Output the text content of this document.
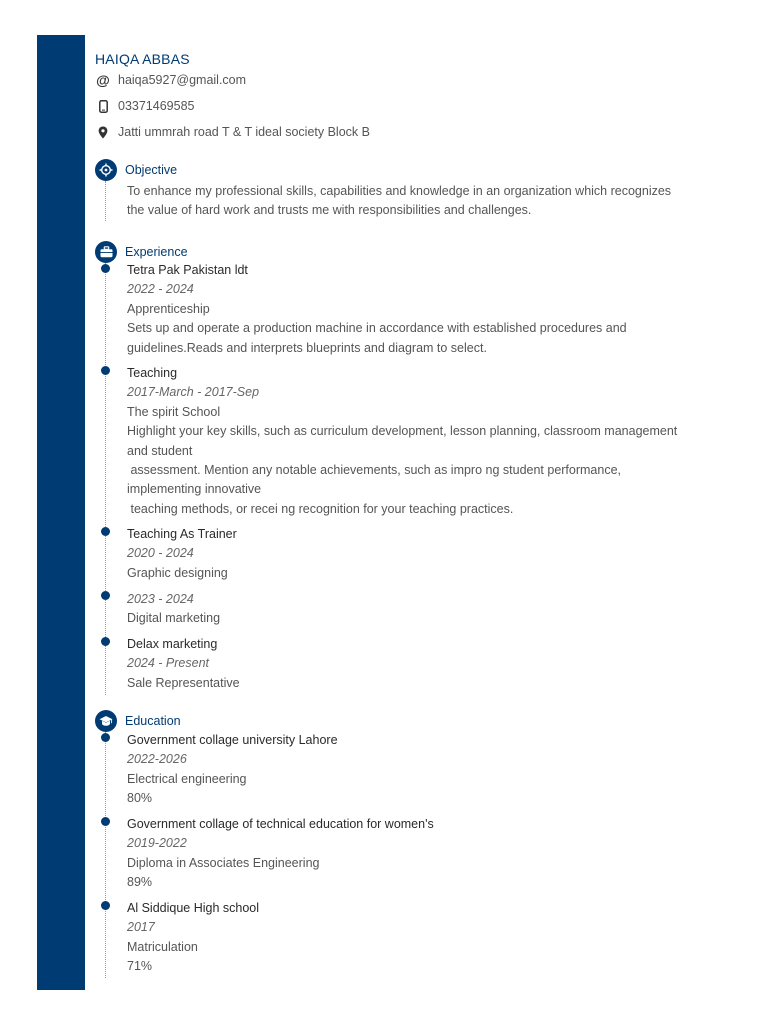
HAIQA ABBAS
@ haiqa5927@gmail.com
03371469585
Jatti ummrah road T & T ideal society Block B
Objective
To enhance my professional skills, capabilities and knowledge in an organization which recognizes
the value of hard work and trusts me with responsibilities and challenges.
Experience
Tetra Pak Pakistan ldt
2022 - 2024
Apprenticeship
Sets up and operate a production machine in accordance with established procedures and
guidelines.Reads and interprets blueprints and diagram to select.
Teaching
2017-March - 2017-Sep
The spirit School
Highlight your key skills, such as curriculum development, lesson planning, classroom management
and student
assessment. Mention any notable achievements, such as impro ng student performance,
implementing innovative
teaching methods, or recei ng recognition for your teaching practices.
Teaching As Trainer
2020 - 2024
Graphic designing
2023 - 2024
Digital marketing
Delax marketing
2024 - Present
Sale Representative
Education
Government collage university Lahore
2022-2026
Electrical engineering
80%
Government collage of technical education for women's
2019-2022
Diploma in Associates Engineering
89%
Al Siddique High school
2017
Matriculation
71%
